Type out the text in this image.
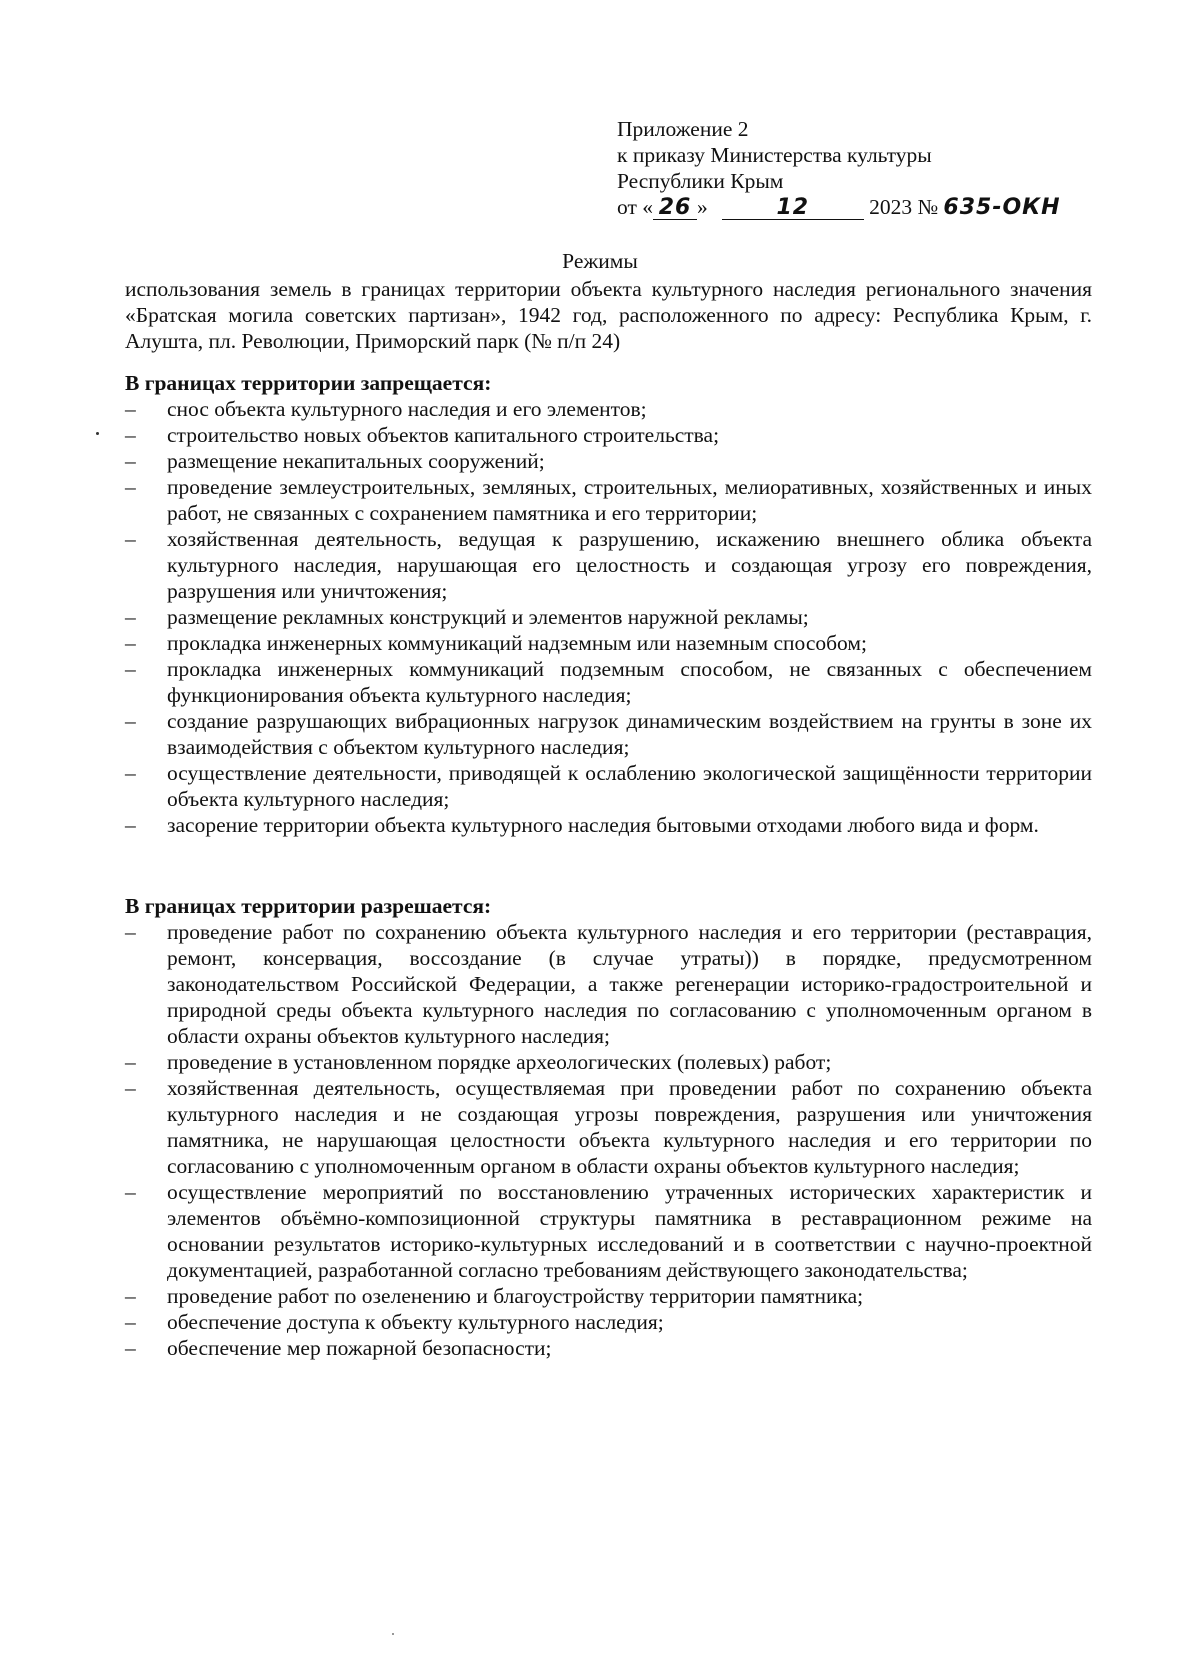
Приложение 2
к приказу Министерства культуры
Республики Крым
от « 26 »	12	2023 № 635-ОКН
Режимы
использования земель в границах территории объекта культурного наследия регионального значения «Братская могила советских партизан», 1942 год, расположенного по адресу: Республика Крым, г. Алушта, пл. Революции, Приморский парк (№ п/п 24)
В границах территории запрещается:
– снос объекта культурного наследия и его элементов;
– строительство новых объектов капитального строительства;
– размещение некапитальных сооружений;
– проведение землеустроительных, земляных, строительных, мелиоративных, хозяйственных и иных работ, не связанных с сохранением памятника и его территории;
– хозяйственная деятельность, ведущая к разрушению, искажению внешнего облика объекта культурного наследия, нарушающая его целостность и создающая угрозу его повреждения, разрушения или уничтожения;
– размещение рекламных конструкций и элементов наружной рекламы;
– прокладка инженерных коммуникаций надземным или наземным способом;
– прокладка инженерных коммуникаций подземным способом, не связанных с обеспечением функционирования объекта культурного наследия;
– создание разрушающих вибрационных нагрузок динамическим воздействием на грунты в зоне их взаимодействия с объектом культурного наследия;
– осуществление деятельности, приводящей к ослаблению экологической защищённости территории объекта культурного наследия;
– засорение территории объекта культурного наследия бытовыми отходами любого вида и форм.
В границах территории разрешается:
– проведение работ по сохранению объекта культурного наследия и его территории (реставрация, ремонт, консервация, воссоздание (в случае утраты)) в порядке, предусмотренном законодательством Российской Федерации, а также регенерации историко-градостроительной и природной среды объекта культурного наследия по согласованию с уполномоченным органом в области охраны объектов культурного наследия;
– проведение в установленном порядке археологических (полевых) работ;
– хозяйственная деятельность, осуществляемая при проведении работ по сохранению объекта культурного наследия и не создающая угрозы повреждения, разрушения или уничтожения памятника, не нарушающая целостности объекта культурного наследия и его территории по согласованию с уполномоченным органом в области охраны объектов культурного наследия;
– осуществление мероприятий по восстановлению утраченных исторических характеристик и элементов объёмно-композиционной структуры памятника в реставрационном режиме на основании результатов историко-культурных исследований и в соответствии с научно-проектной документацией, разработанной согласно требованиям действующего законодательства;
– проведение работ по озеленению и благоустройству территории памятника;
– обеспечение доступа к объекту культурного наследия;
– обеспечение мер пожарной безопасности;
